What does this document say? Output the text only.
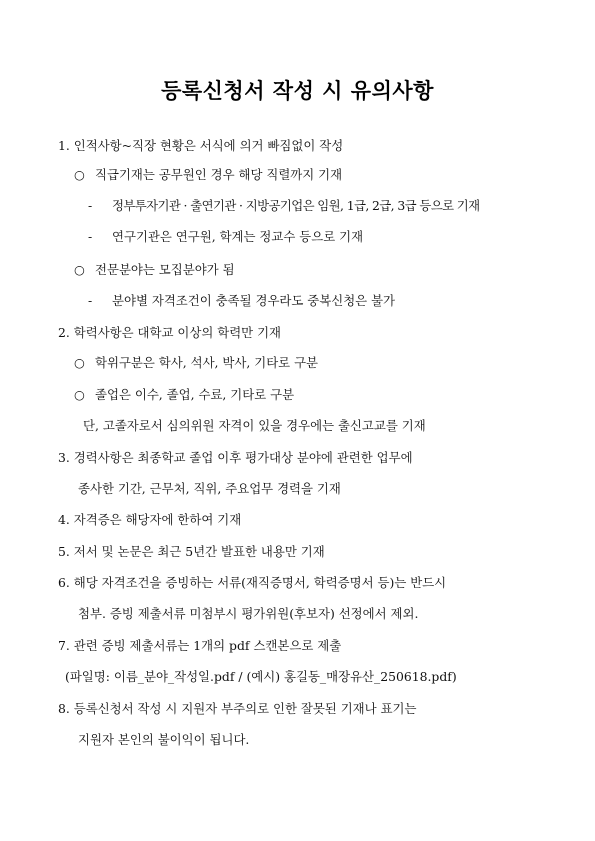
등록신청서 작성 시 유의사항
1. 인적사항~직장 현황은 서식에 의거 빠짐없이 작성
○ 직급기재는 공무원인 경우 해당 직렬까지 기재
- 정부투자기관 · 출연기관 · 지방공기업은 임원, 1급, 2급, 3급 등으로 기재
- 연구기관은 연구원, 학계는 정교수 등으로 기재
○ 전문분야는 모집분야가 됨
- 분야별 자격조건이 충족될 경우라도 중복신청은 불가
2. 학력사항은 대학교 이상의 학력만 기재
○ 학위구분은 학사, 석사, 박사, 기타로 구분
○ 졸업은 이수, 졸업, 수료, 기타로 구분
단, 고졸자로서 심의위원 자격이 있을 경우에는 출신고교를 기재
3. 경력사항은 최종학교 졸업 이후 평가대상 분야에 관련한 업무에
종사한 기간, 근무처, 직위, 주요업무 경력을 기재
4. 자격증은 해당자에 한하여 기재
5. 저서 및 논문은 최근 5년간 발표한 내용만 기재
6. 해당 자격조건을 증빙하는 서류(재직증명서, 학력증명서 등)는 반드시
첨부. 증빙 제출서류 미첨부시 평가위원(후보자) 선정에서 제외.
7. 관련 증빙 제출서류는 1개의 pdf 스캔본으로 제출
(파일명: 이름_분야_작성일.pdf / (예시) 홍길동_매장유산_250618.pdf)
8. 등록신청서 작성 시 지원자 부주의로 인한 잘못된 기재나 표기는
지원자 본인의 불이익이 됩니다.
